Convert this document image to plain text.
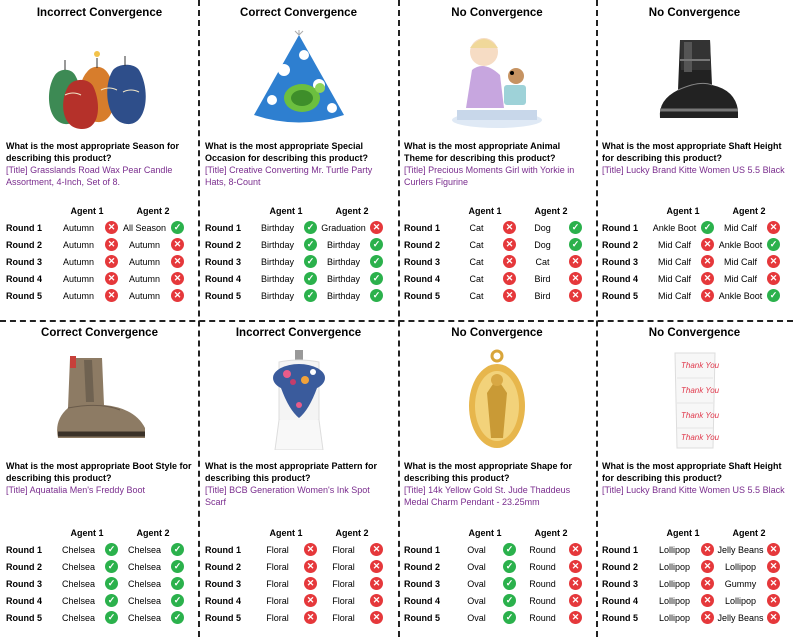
Incorrect Convergence
What is the most appropriate Season for describing this product?
[Title] Grasslands Road Wax Pear Candle Assortment, 4-Inch, Set of 8.
Agent 1	Agent 2
Round 1	Autumn	✕ All Season ✓
Round 2	Autumn	✕	Autumn	✕
Round 3	Autumn	✕	Autumn	✕
Round 4	Autumn	✕	Autumn	✕
Round 5	Autumn	✕	Autumn	✕
Correct Convergence
What is the most appropriate Special Occasion for describing this product?
[Title] Creative Converting Mr. Turtle Party Hats, 8-Count
Agent 1	Agent 2
Round 1	Birthday	✓ Graduation ✕
Round 2	Birthday	✓	Birthday	✓
Round 3	Birthday	✓	Birthday	✓
Round 4	Birthday	✓	Birthday	✓
Round 5	Birthday	✓	Birthday	✓
No Convergence
What is the most appropriate Animal Theme for describing this product?
[Title] Precious Moments Girl with Yorkie in Curlers Figurine
Agent 1	Agent 2
Round 1	Cat	✕	Dog	✓
Round 2	Cat	✕	Dog	✓
Round 3	Cat	✕	Cat	✕
Round 4	Cat	✕	Bird	✕
Round 5	Cat	✕	Bird	✕
No Convergence
What is the most appropriate Shaft Height for describing this product?
[Title] Lucky Brand Kitte Women US 5.5 Black
Agent 1	Agent 2
Round 1	Ankle Boot ✓	Mid Calf	✕
Round 2	Mid Calf	✕ Ankle Boot ✓
Round 3	Mid Calf	✕	Mid Calf	✕
Round 4	Mid Calf	✕	Mid Calf	✕
Round 5	Mid Calf	✕ Ankle Boot ✓
Correct Convergence
What is the most appropriate Boot Style for describing this product?
[Title] Aquatalia Men's Freddy Boot
Agent 1	Agent 2
Round 1	Chelsea	✓	Chelsea	✓
Round 2	Chelsea	✓	Chelsea	✓
Round 3	Chelsea	✓	Chelsea	✓
Round 4	Chelsea	✓	Chelsea	✓
Round 5	Chelsea	✓	Chelsea	✓
Incorrect Convergence
What is the most appropriate Pattern for describing this product?
[Title] BCB Generation Women's Ink Spot Scarf
Agent 1	Agent 2
Round 1	Floral	✕	Floral	✕
Round 2	Floral	✕	Floral	✕
Round 3	Floral	✕	Floral	✕
Round 4	Floral	✕	Floral	✕
Round 5	Floral	✕	Floral	✕
No Convergence
What is the most appropriate Shape for describing this product?
[Title] 14k Yellow Gold St. Jude Thaddeus Medal Charm Pendant - 23.25mm
Agent 1	Agent 2
Round 1	Oval	✓	Round	✕
Round 2	Oval	✓	Round	✕
Round 3	Oval	✓	Round	✕
Round 4	Oval	✓	Round	✕
Round 5	Oval	✓	Round	✕
No Convergence
Thank You
Thank You
Thank You
Thank You
What is the most appropriate Shaft Height for describing this product?
[Title] Lucky Brand Kitte Women US 5.5 Black
Agent 1	Agent 2
Round 1	Lollipop	✕ Jelly Beans ✕
Round 2	Lollipop	✕	Lollipop	✕
Round 3	Lollipop	✕	Gummy	✕
Round 4	Lollipop	✕	Lollipop	✕
Round 5	Lollipop	✕ Jelly Beans ✕
